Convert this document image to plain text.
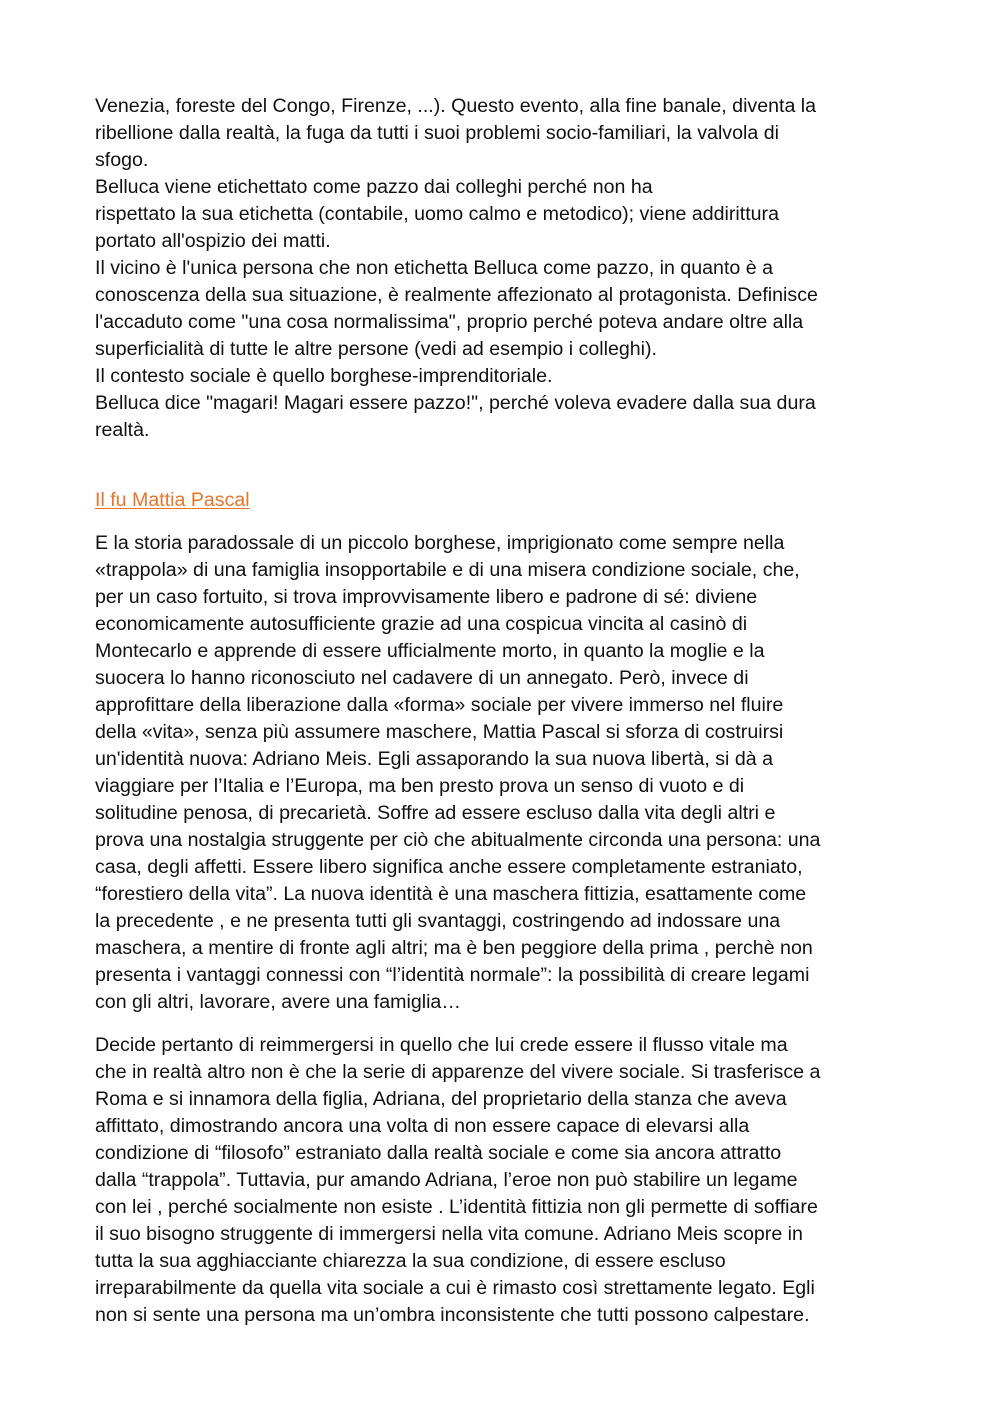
Venezia, foreste del Congo, Firenze, ...). Questo evento, alla fine banale, diventa la
ribellione dalla realtà, la fuga da tutti i suoi problemi socio-familiari, la valvola di
sfogo.
Belluca viene etichettato come pazzo dai colleghi perché non ha
rispettato la sua etichetta (contabile, uomo calmo e metodico); viene addirittura
portato all'ospizio dei matti.
Il vicino è l'unica persona che non etichetta Belluca come pazzo, in quanto è a
conoscenza della sua situazione, è realmente affezionato al protagonista. Definisce
l'accaduto come "una cosa normalissima", proprio perché poteva andare oltre alla
superficialità di tutte le altre persone (vedi ad esempio i colleghi).
Il contesto sociale è quello borghese-imprenditoriale.
Belluca dice "magari! Magari essere pazzo!", perché voleva evadere dalla sua dura
realtà.
Il fu Mattia Pascal
E la storia paradossale di un piccolo borghese, imprigionato come sempre nella
«trappola» di una famiglia insopportabile e di una misera condizione sociale, che,
per un caso fortuito, si trova improvvisamente libero e padrone di sé: diviene
economicamente autosufficiente grazie ad una cospicua vincita al casinò di
Montecarlo e apprende di essere ufficialmente morto, in quanto la moglie e la
suocera lo hanno riconosciuto nel cadavere di un annegato. Però, invece di
approfittare della liberazione dalla «forma» sociale per vivere immerso nel fluire
della «vita», senza più assumere maschere, Mattia Pascal si sforza di costruirsi
un'identità nuova: Adriano Meis. Egli assaporando la sua nuova libertà, si dà a
viaggiare per l’Italia e l’Europa, ma ben presto prova un senso di vuoto e di
solitudine penosa, di precarietà. Soffre ad essere escluso dalla vita degli altri e
prova una nostalgia struggente per ciò che abitualmente circonda una persona: una
casa, degli affetti. Essere libero significa anche essere completamente estraniato,
“forestiero della vita”. La nuova identità è una maschera fittizia, esattamente come
la precedente , e ne presenta tutti gli svantaggi, costringendo ad indossare una
maschera, a mentire di fronte agli altri; ma è ben peggiore della prima , perchè non
presenta i vantaggi connessi con “l’identità normale”: la possibilità di creare legami
con gli altri, lavorare, avere una famiglia…
Decide pertanto di reimmergersi in quello che lui crede essere il flusso vitale ma
che in realtà altro non è che la serie di apparenze del vivere sociale. Si trasferisce a
Roma e si innamora della figlia, Adriana, del proprietario della stanza che aveva
affittato, dimostrando ancora una volta di non essere capace di elevarsi alla
condizione di “filosofo” estraniato dalla realtà sociale e come sia ancora attratto
dalla “trappola”. Tuttavia, pur amando Adriana, l’eroe non può stabilire un legame
con lei , perché socialmente non esiste . L’identità fittizia non gli permette di soffiare
il suo bisogno struggente di immergersi nella vita comune. Adriano Meis scopre in
tutta la sua agghiacciante chiarezza la sua condizione, di essere escluso
irreparabilmente da quella vita sociale a cui è rimasto così strettamente legato. Egli
non si sente una persona ma un’ombra inconsistente che tutti possono calpestare.
